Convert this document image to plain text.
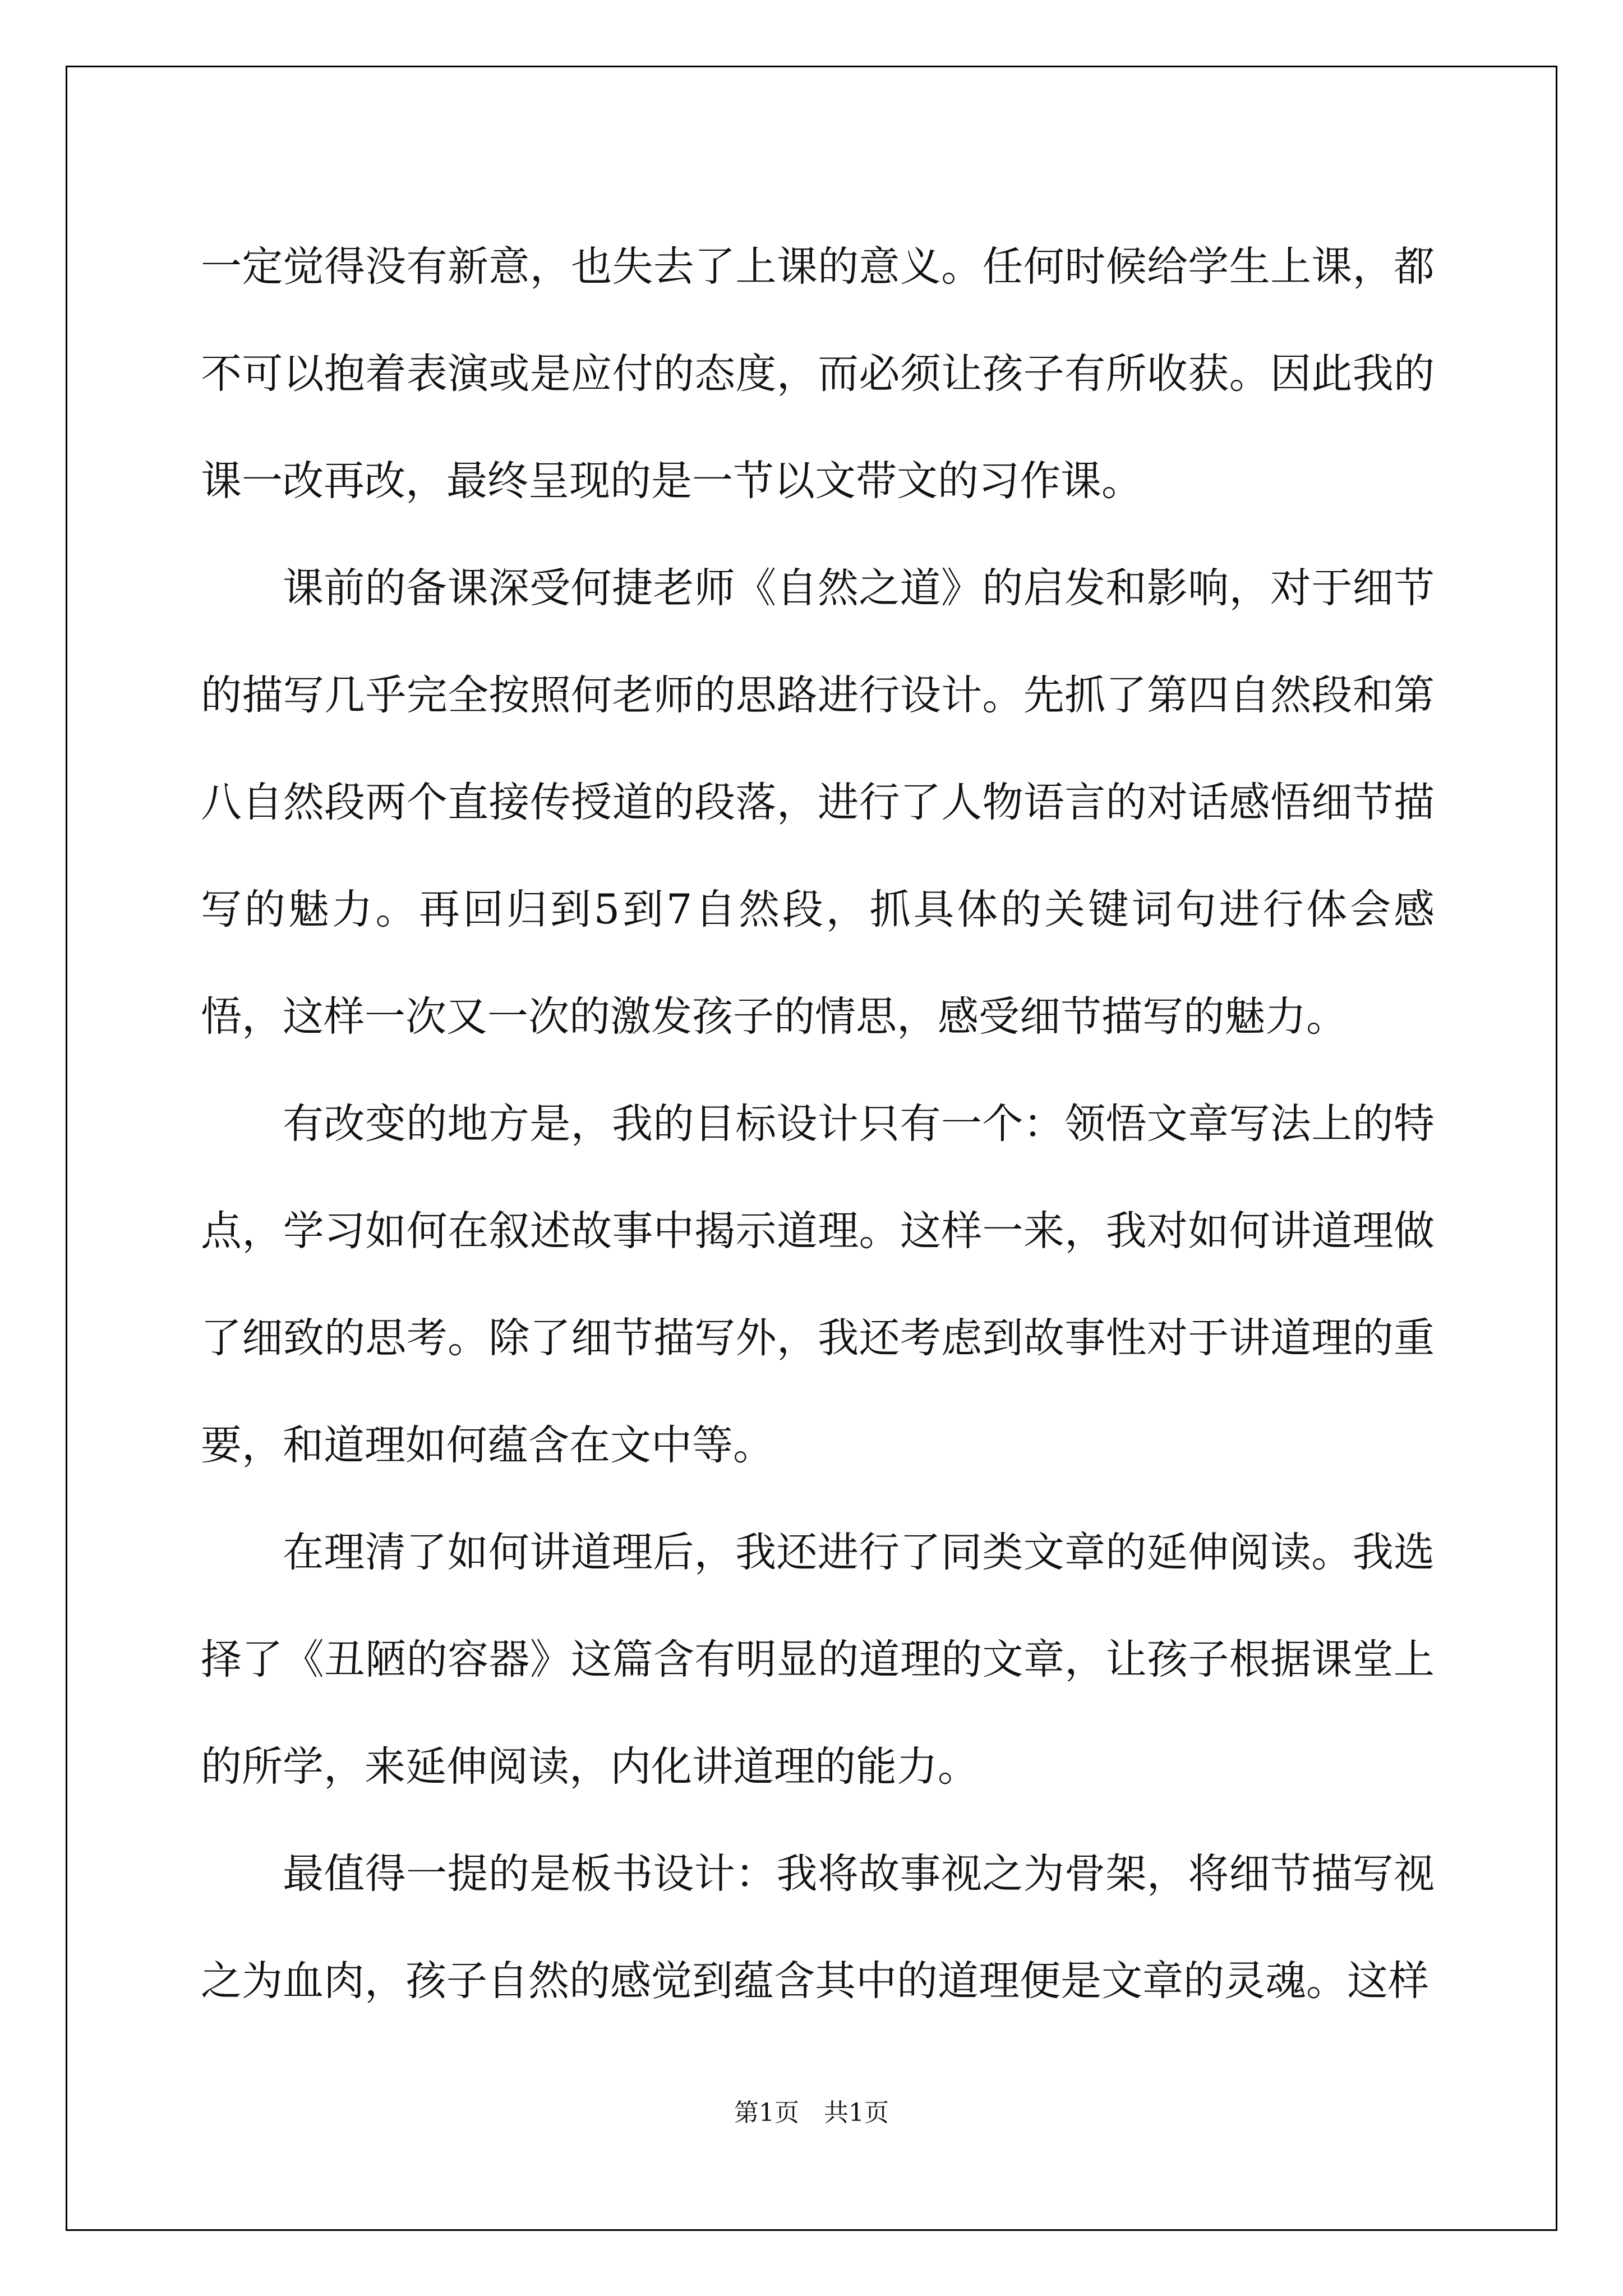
一定觉得没有新意，也失去了上课的意义。任何时候给学生上课，都不可以抱着表演或是应付的态度，而必须让孩子有所收获。因此我的课一改再改，最终呈现的是一节以文带文的习作课。

课前的备课深受何捷老师《自然之道》的启发和影响，对于细节的描写几乎完全按照何老师的思路进行设计。先抓了第四自然段和第八自然段两个直接传授道的段落，进行了人物语言的对话感悟细节描写的魅力。再回归到5到7自然段，抓具体的关键词句进行体会感悟，这样一次又一次的激发孩子的情思，感受细节描写的魅力。

有改变的地方是，我的目标设计只有一个：领悟文章写法上的特点，学习如何在叙述故事中揭示道理。这样一来，我对如何讲道理做了细致的思考。除了细节描写外，我还考虑到故事性对于讲道理的重要，和道理如何蕴含在文中等。

在理清了如何讲道理后，我还进行了同类文章的延伸阅读。我选择了《丑陋的容器》这篇含有明显的道理的文章，让孩子根据课堂上的所学，来延伸阅读，内化讲道理的能力。

最值得一提的是板书设计：我将故事视之为骨架，将细节描写视之为血肉，孩子自然的感觉到蕴含其中的道理便是文章的灵魂。这样

第1页 共1页
